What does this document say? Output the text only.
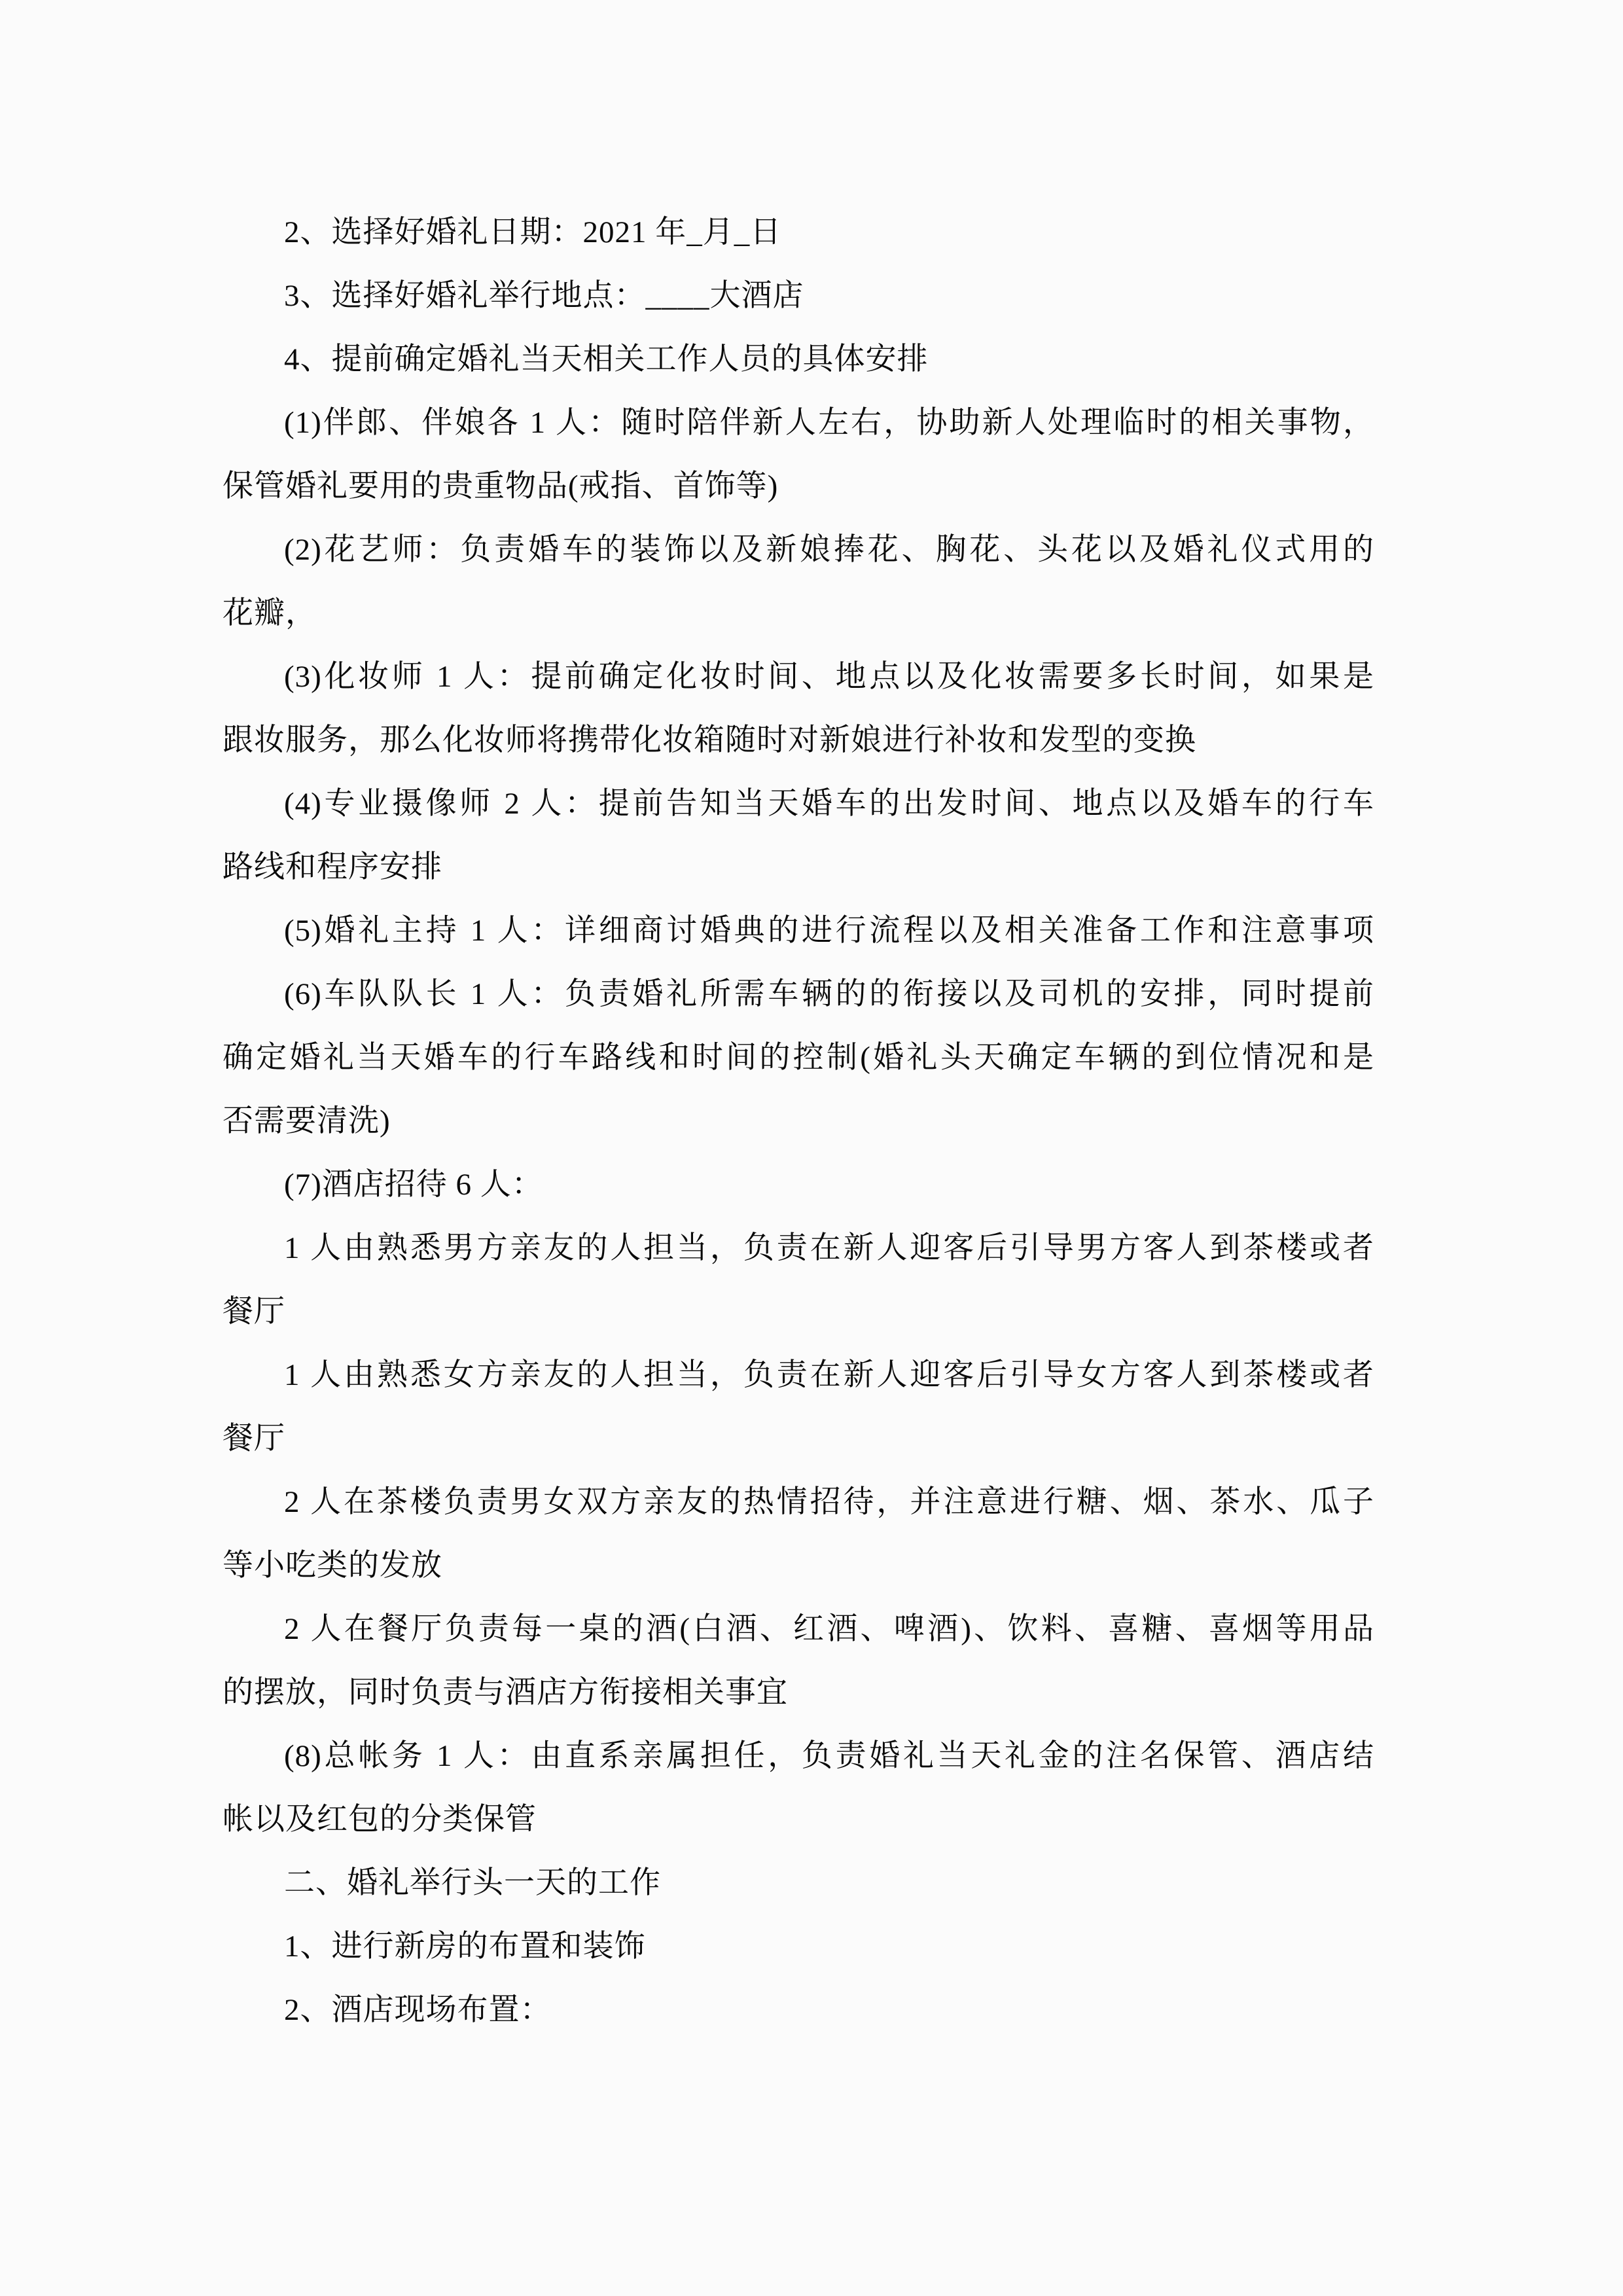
2、选择好婚礼日期：2021 年_月_日
3、选择好婚礼举行地点：____大酒店
4、提前确定婚礼当天相关工作人员的具体安排
(1)伴郎、伴娘各 1 人：随时陪伴新人左右，协助新人处理临时的相关事物，
保管婚礼要用的贵重物品(戒指、首饰等)
(2)花艺师：负责婚车的装饰以及新娘捧花、胸花、头花以及婚礼仪式用的
花瓣，
(3)化妆师 1 人：提前确定化妆时间、地点以及化妆需要多长时间，如果是
跟妆服务，那么化妆师将携带化妆箱随时对新娘进行补妆和发型的变换
(4)专业摄像师 2 人：提前告知当天婚车的出发时间、地点以及婚车的行车
路线和程序安排
(5)婚礼主持 1 人：详细商讨婚典的进行流程以及相关准备工作和注意事项
(6)车队队长 1 人：负责婚礼所需车辆的的衔接以及司机的安排，同时提前
确定婚礼当天婚车的行车路线和时间的控制(婚礼头天确定车辆的到位情况和是
否需要清洗)
(7)酒店招待 6 人：
1 人由熟悉男方亲友的人担当，负责在新人迎客后引导男方客人到茶楼或者
餐厅
1 人由熟悉女方亲友的人担当，负责在新人迎客后引导女方客人到茶楼或者
餐厅
2 人在茶楼负责男女双方亲友的热情招待，并注意进行糖、烟、茶水、瓜子
等小吃类的发放
2 人在餐厅负责每一桌的酒(白酒、红酒、啤酒)、饮料、喜糖、喜烟等用品
的摆放，同时负责与酒店方衔接相关事宜
(8)总帐务 1 人：由直系亲属担任，负责婚礼当天礼金的注名保管、酒店结
帐以及红包的分类保管
二、婚礼举行头一天的工作
1、进行新房的布置和装饰
2、酒店现场布置：
